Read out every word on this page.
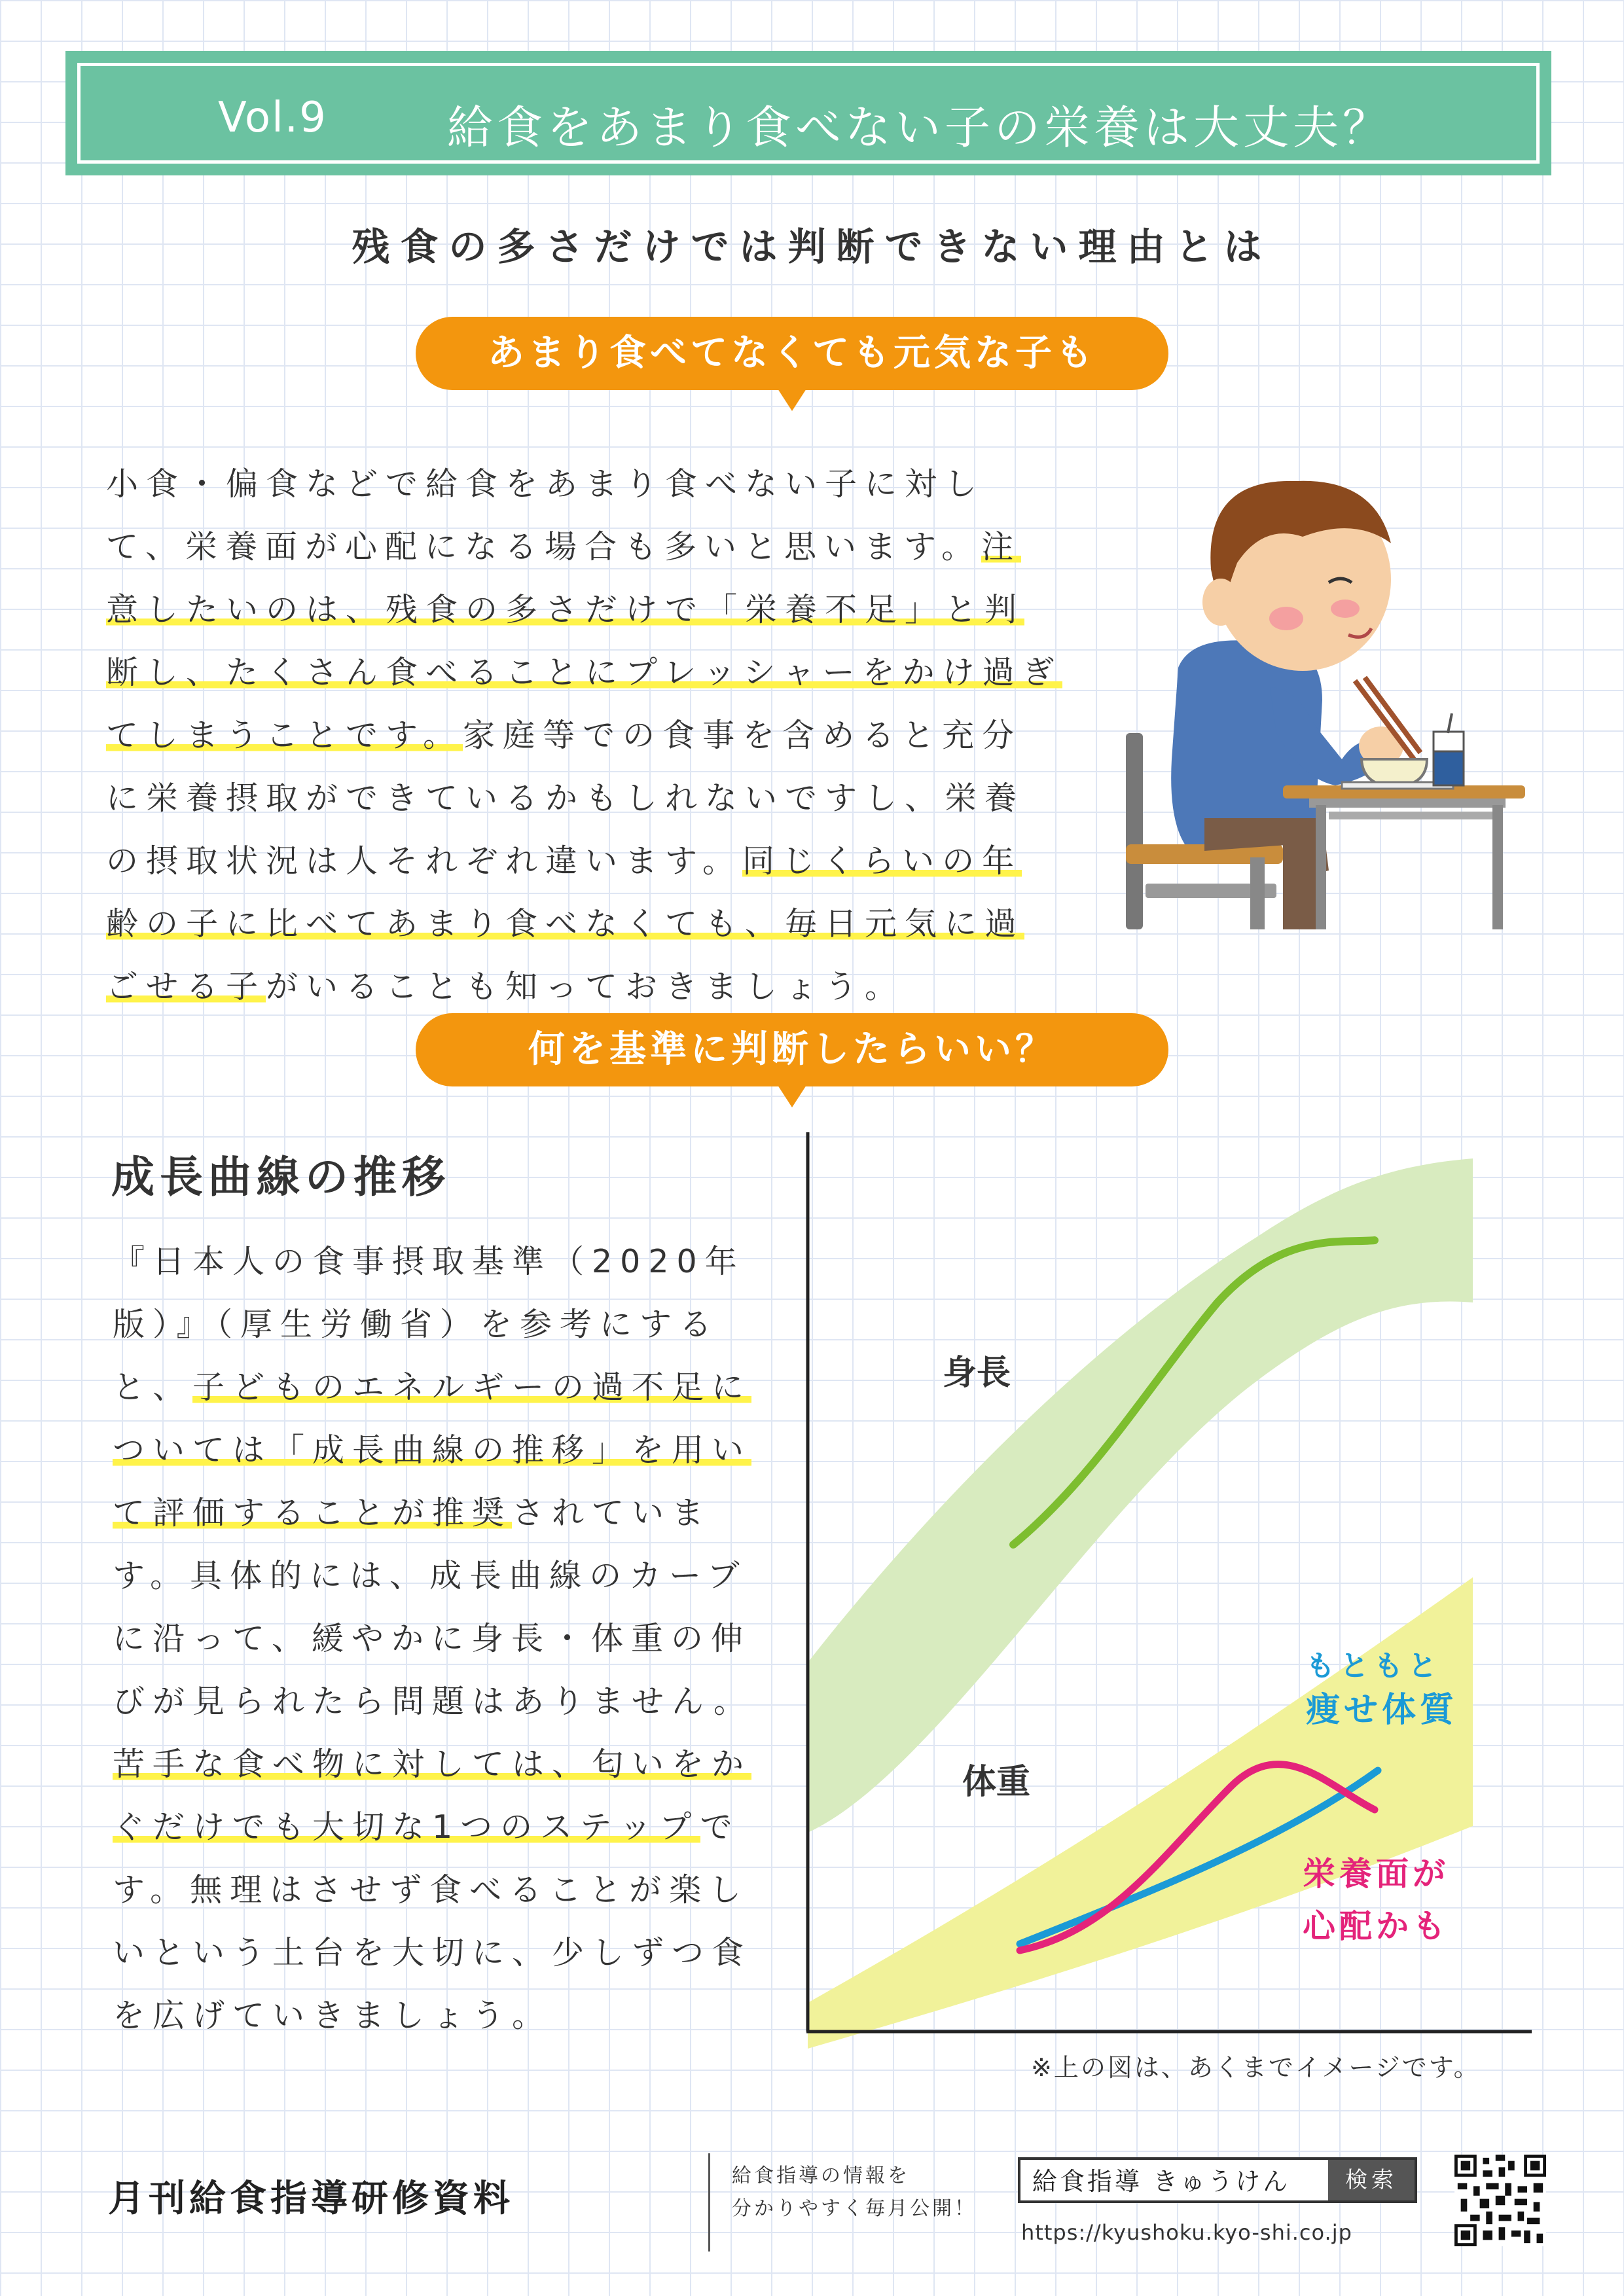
Vol.9	給食をあまり食べない子の栄養は大丈夫？
残食の多さだけでは判断できない理由とは
あまり食べてなくても元気な子も
小食・偏食などで給食をあまり食べない子に対し
て、栄養面が心配になる場合も多いと思います。注
意したいのは、残食の多さだけで「栄養不足」と判
断し、たくさん食べることにプレッシャーをかけ過ぎ
てしまうことです。家庭等での食事を含めると充分
に栄養摂取ができているかもしれないですし、栄養
の摂取状況は人それぞれ違います。同じくらいの年
齢の子に比べてあまり食べなくても、毎日元気に過
ごせる子がいることも知っておきましょう。
何を基準に判断したらいい？
成長曲線の推移
『日本人の食事摂取基準（2020年
版）』（厚生労働省）を参考にする
と、子どものエネルギーの過不足に
ついては「成長曲線の推移」を用い
て評価することが推奨されていま
す。具体的には、成長曲線のカーブ
に沿って、緩やかに身長・体重の伸
びが見られたら問題はありません。
苦手な食べ物に対しては、匂いをか
ぐだけでも大切な1つのステップで
す。無理はさせず食べることが楽し
いという土台を大切に、少しずつ食
を広げていきましょう。
身長
体重
もともと
痩せ体質
栄養面が
心配かも
※上の図は、あくまでイメージです。
月刊給食指導研修資料
給食指導の情報を
分かりやすく毎月公開！
給食指導 きゅうけん	検索
https://kyushoku.kyo-shi.co.jp
